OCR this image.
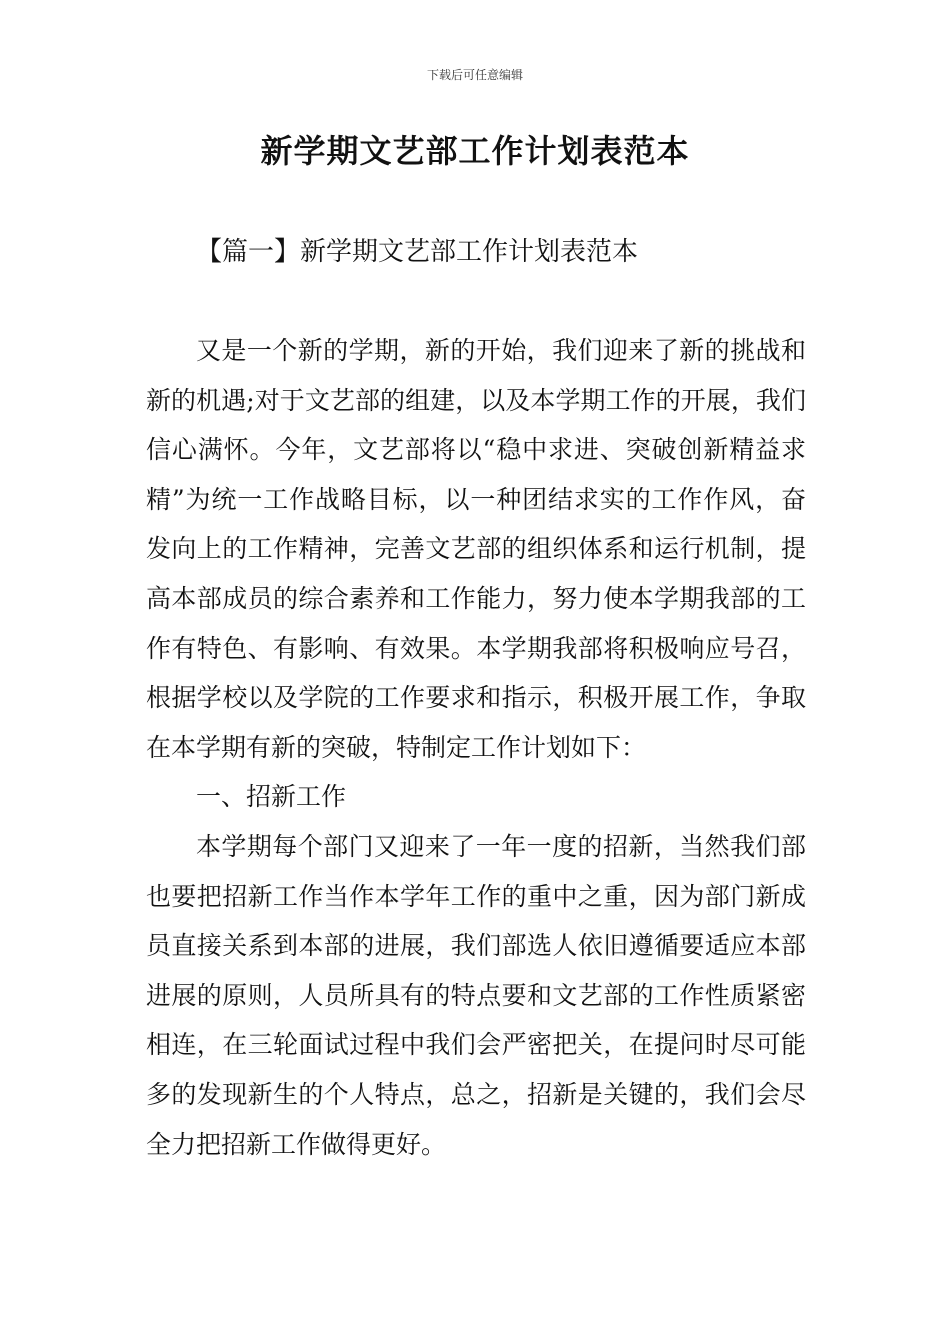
下载后可任意编辑
新学期文艺部工作计划表范本
【篇一】新学期文艺部工作计划表范本

又是一个新的学期，新的开始，我们迎来了新的挑战和新的机遇;对于文艺部的组建，以及本学期工作的开展，我们信心满怀。今年，文艺部将以“稳中求进、突破创新精益求精”为统一工作战略目标，以一种团结求实的工作作风，奋发向上的工作精神，完善文艺部的组织体系和运行机制，提高本部成员的综合素养和工作能力，努力使本学期我部的工作有特色、有影响、有效果。本学期我部将积极响应号召，根据学校以及学院的工作要求和指示，积极开展工作，争取在本学期有新的突破，特制定工作计划如下：

一、招新工作

本学期每个部门又迎来了一年一度的招新，当然我们部也要把招新工作当作本学年工作的重中之重，因为部门新成员直接关系到本部的进展，我们部选人依旧遵循要适应本部进展的原则，人员所具有的特点要和文艺部的工作性质紧密相连，在三轮面试过程中我们会严密把关，在提问时尽可能多的发现新生的个人特点，总之，招新是关键的，我们会尽全力把招新工作做得更好。
